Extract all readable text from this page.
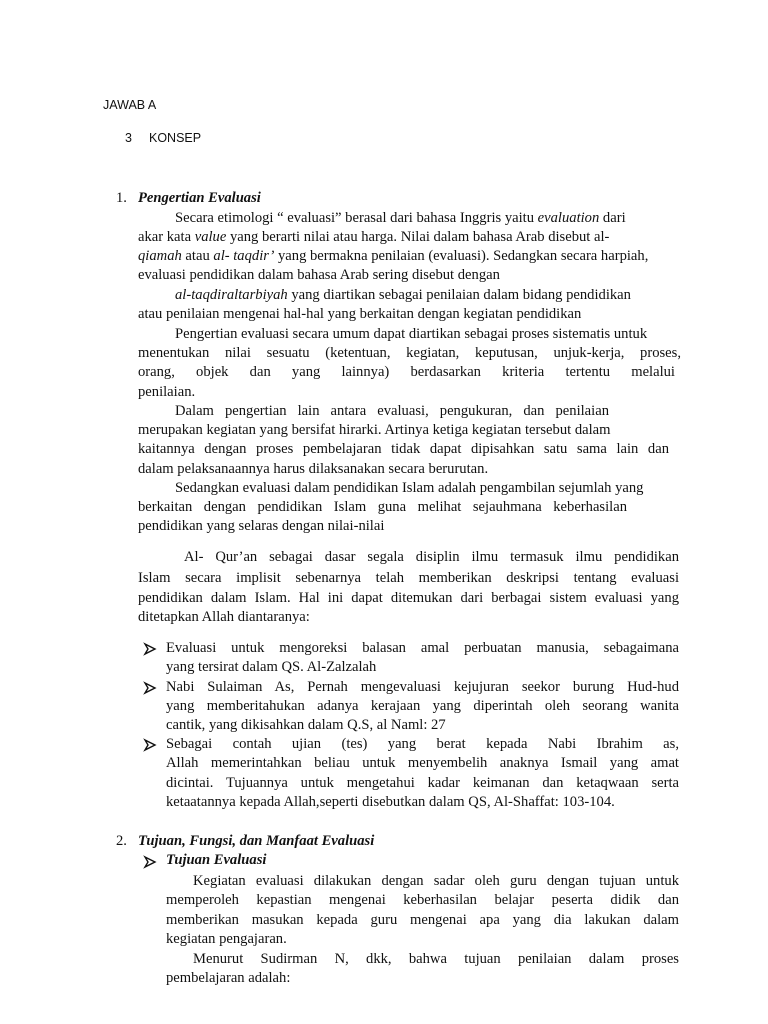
JAWAB A
3 KONSEP
1. Pengertian Evaluasi
Secara etimologi “ evaluasi” berasal dari bahasa Inggris yaitu evaluation dari
akar kata value yang berarti nilai atau harga. Nilai dalam bahasa Arab disebut al-
qiamah atau al- taqdir’ yang bermakna penilaian (evaluasi). Sedangkan secara harpiah,
evaluasi pendidikan dalam bahasa Arab sering disebut dengan
al-taqdiraltarbiyah yang diartikan sebagai penilaian dalam bidang pendidikan
atau penilaian mengenai hal-hal yang berkaitan dengan kegiatan pendidikan
Pengertian evaluasi secara umum dapat diartikan sebagai proses sistematis untuk
menentukan nilai sesuatu (ketentuan, kegiatan, keputusan, unjuk-kerja, proses,
orang, objek dan yang lainnya) berdasarkan kriteria tertentu melalui
penilaian.
Dalam pengertian lain antara evaluasi, pengukuran, dan penilaian
merupakan kegiatan yang bersifat hirarki. Artinya ketiga kegiatan tersebut dalam
kaitannya dengan proses pembelajaran tidak dapat dipisahkan satu sama lain dan
dalam pelaksanaannya harus dilaksanakan secara berurutan.
Sedangkan evaluasi dalam pendidikan Islam adalah pengambilan sejumlah yang
berkaitan dengan pendidikan Islam guna melihat sejauhmana keberhasilan
pendidikan yang selaras dengan nilai-nilai
Al- Qur’an sebagai dasar segala disiplin ilmu termasuk ilmu pendidikan
Islam secara implisit sebenarnya telah memberikan deskripsi tentang evaluasi
pendidikan dalam Islam. Hal ini dapat ditemukan dari berbagai sistem evaluasi yang
ditetapkan Allah diantaranya:
Evaluasi untuk mengoreksi balasan amal perbuatan manusia, sebagaimana
yang tersirat dalam QS. Al-Zalzalah
Nabi Sulaiman As, Pernah mengevaluasi kejujuran seekor burung Hud-hud
yang memberitahukan adanya kerajaan yang diperintah oleh seorang wanita
cantik, yang dikisahkan dalam Q.S, al Naml: 27
Sebagai contah ujian (tes) yang berat kepada Nabi Ibrahim as,
Allah memerintahkan beliau untuk menyembelih anaknya Ismail yang amat
dicintai. Tujuannya untuk mengetahui kadar keimanan dan ketaqwaan serta
ketaatannya kepada Allah,seperti disebutkan dalam QS, Al-Shaffat: 103-104.
2. Tujuan, Fungsi, dan Manfaat Evaluasi
Tujuan Evaluasi
Kegiatan evaluasi dilakukan dengan sadar oleh guru dengan tujuan untuk
memperoleh kepastian mengenai keberhasilan belajar peserta didik dan
memberikan masukan kepada guru mengenai apa yang dia lakukan dalam
kegiatan pengajaran.
Menurut Sudirman N, dkk, bahwa tujuan penilaian dalam proses
pembelajaran adalah:
